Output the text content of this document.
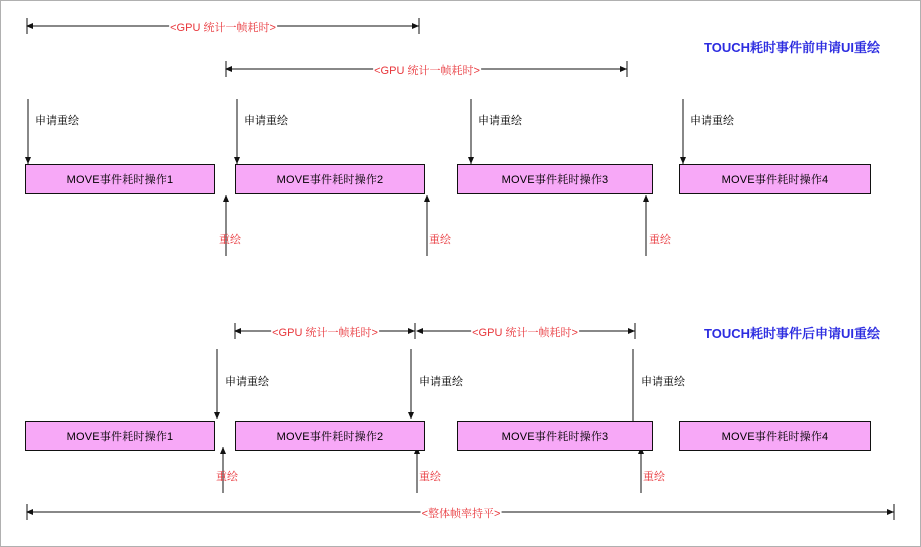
<GPU 统计一帧耗时>
<GPU 统计一帧耗时>
TOUCH耗时事件前申请UI重绘
申请重绘	申请重绘	申请重绘	申请重绘
MOVE事件耗时操作1	MOVE事件耗时操作2	MOVE事件耗时操作3	MOVE事件耗时操作4
重绘	重绘	重绘
<GPU 统计一帧耗时>	<GPU 统计一帧耗时>	TOUCH耗时事件后申请UI重绘
申请重绘	申请重绘	申请重绘
MOVE事件耗时操作1	MOVE事件耗时操作2	MOVE事件耗时操作3	MOVE事件耗时操作4
重绘	重绘	重绘
<整体帧率持平>
